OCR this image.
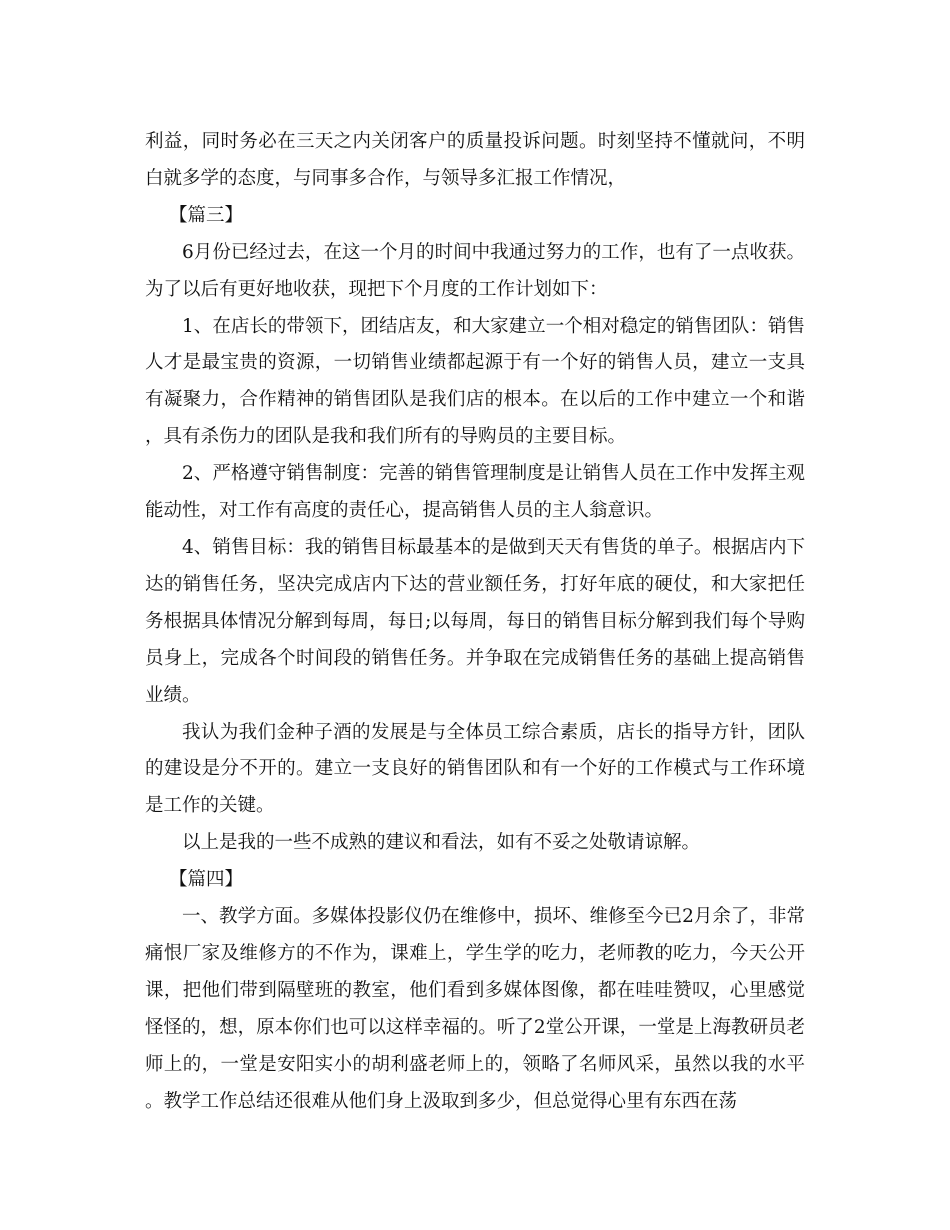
利益，同时务必在三天之内关闭客户的质量投诉问题。时刻坚持不懂就问，不明白就多学的态度，与同事多合作，与领导多汇报工作情况，

【篇三】

6月份已经过去，在这一个月的时间中我通过努力的工作，也有了一点收获。为了以后有更好地收获，现把下个月度的工作计划如下：

1、在店长的带领下，团结店友，和大家建立一个相对稳定的销售团队：销售人才是最宝贵的资源，一切销售业绩都起源于有一个好的销售人员，建立一支具有凝聚力，合作精神的销售团队是我们店的根本。在以后的工作中建立一个和谐，具有杀伤力的团队是我和我们所有的导购员的主要目标。

2、严格遵守销售制度：完善的销售管理制度是让销售人员在工作中发挥主观能动性，对工作有高度的责任心，提高销售人员的主人翁意识。

4、销售目标：我的销售目标最基本的是做到天天有售货的单子。根据店内下达的销售任务，坚决完成店内下达的营业额任务，打好年底的硬仗，和大家把任务根据具体情况分解到每周，每日;以每周，每日的销售目标分解到我们每个导购员身上，完成各个时间段的销售任务。并争取在完成销售任务的基础上提高销售业绩。

我认为我们金种子酒的发展是与全体员工综合素质，店长的指导方针，团队的建设是分不开的。建立一支良好的销售团队和有一个好的工作模式与工作环境是工作的关键。

以上是我的一些不成熟的建议和看法，如有不妥之处敬请谅解。

【篇四】

一、教学方面。多媒体投影仪仍在维修中，损坏、维修至今已2月余了，非常痛恨厂家及维修方的不作为，课难上，学生学的吃力，老师教的吃力，今天公开课，把他们带到隔壁班的教室，他们看到多媒体图像，都在哇哇赞叹，心里感觉怪怪的，想，原本你们也可以这样幸福的。听了2堂公开课，一堂是上海教研员老师上的，一堂是安阳实小的胡利盛老师上的，领略了名师风采，虽然以我的水平。教学工作总结还很难从他们身上汲取到多少，但总觉得心里有东西在荡
